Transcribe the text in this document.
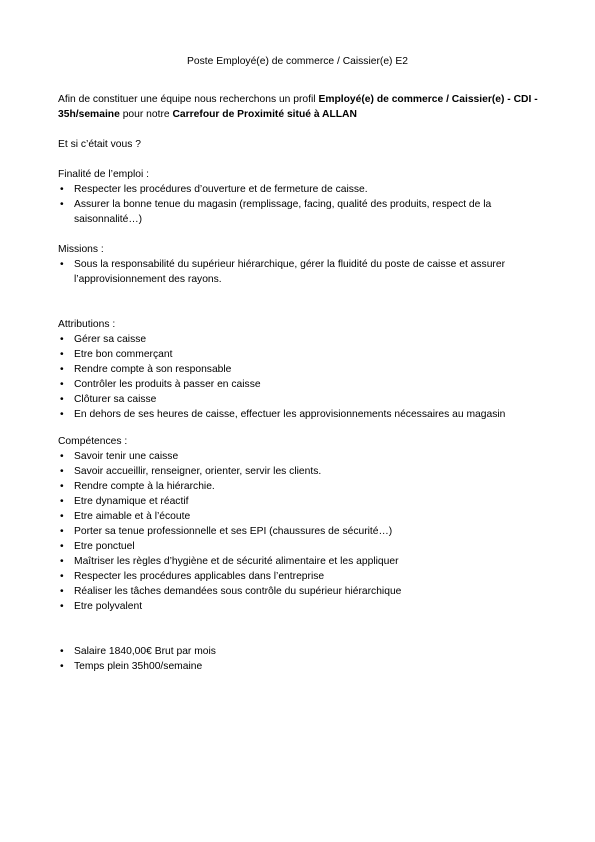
Poste Employé(e) de commerce / Caissier(e) E2
Afin de constituer une équipe nous recherchons un profil Employé(e) de commerce / Caissier(e) - CDI - 35h/semaine pour notre Carrefour de Proximité situé à ALLAN
Et si c’était vous ?
Finalité de l’emploi :
• Respecter les procédures d’ouverture et de fermeture de caisse.
• Assurer la bonne tenue du magasin (remplissage, facing, qualité des produits, respect de la saisonnalité…)
Missions :
• Sous la responsabilité du supérieur hiérarchique, gérer la fluidité du poste de caisse et assurer l’approvisionnement des rayons.
Attributions :
• Gérer sa caisse
• Etre bon commerçant
• Rendre compte à son responsable
• Contrôler les produits à passer en caisse
• Clôturer sa caisse
• En dehors de ses heures de caisse, effectuer les approvisionnements nécessaires au magasin
Compétences :
• Savoir tenir une caisse
• Savoir accueillir, renseigner, orienter, servir les clients.
• Rendre compte à la hiérarchie.
• Etre dynamique et réactif
• Etre aimable et à l’écoute
• Porter sa tenue professionnelle et ses EPI (chaussures de sécurité…)
• Etre ponctuel
• Maîtriser les règles d’hygiène et de sécurité alimentaire et les appliquer
• Respecter les procédures applicables dans l’entreprise
• Réaliser les tâches demandées sous contrôle du supérieur hiérarchique
• Etre polyvalent
• Salaire 1840,00€ Brut par mois
• Temps plein 35h00/semaine
